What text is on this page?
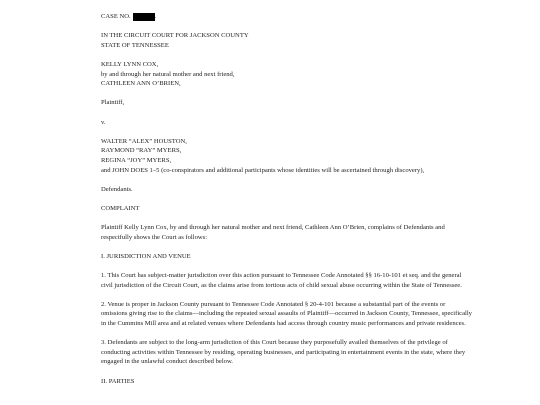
CASE NO.	.
IN THE CIRCUIT COURT FOR JACKSON COUNTY
STATE OF TENNESSEE
KELLY LYNN COX,
by and through her natural mother and next friend,
CATHLEEN ANN O’BRIEN,
Plaintiff,
v.
WALTER “ALEX” HOUSTON,
RAYMOND “RAY” MYERS,
REGINA “JOY” MYERS,
and JOHN DOES 1–5 (co-conspirators and additional participants whose identities will be ascertained through discovery),
Defendants.
COMPLAINT
Plaintiff Kelly Lynn Cox, by and through her natural mother and next friend, Cathleen Ann O’Brien, complains of Defendants and respectfully shows the Court as follows:
I. JURISDICTION AND VENUE
1. This Court has subject-matter jurisdiction over this action pursuant to Tennessee Code Annotated §§ 16-10-101 et seq. and the general civil jurisdiction of the Circuit Court, as the claims arise from tortious acts of child sexual abuse occurring within the State of Tennessee.
2. Venue is proper in Jackson County pursuant to Tennessee Code Annotated § 20-4-101 because a substantial part of the events or omissions giving rise to the claims—including the repeated sexual assaults of Plaintiff—occurred in Jackson County, Tennessee, specifically in the Cummins Mill area and at related venues where Defendants had access through country music performances and private residences.
3. Defendants are subject to the long-arm jurisdiction of this Court because they purposefully availed themselves of the privilege of conducting activities within Tennessee by residing, operating businesses, and participating in entertainment events in the state, where they engaged in the unlawful conduct described below.
II. PARTIES
